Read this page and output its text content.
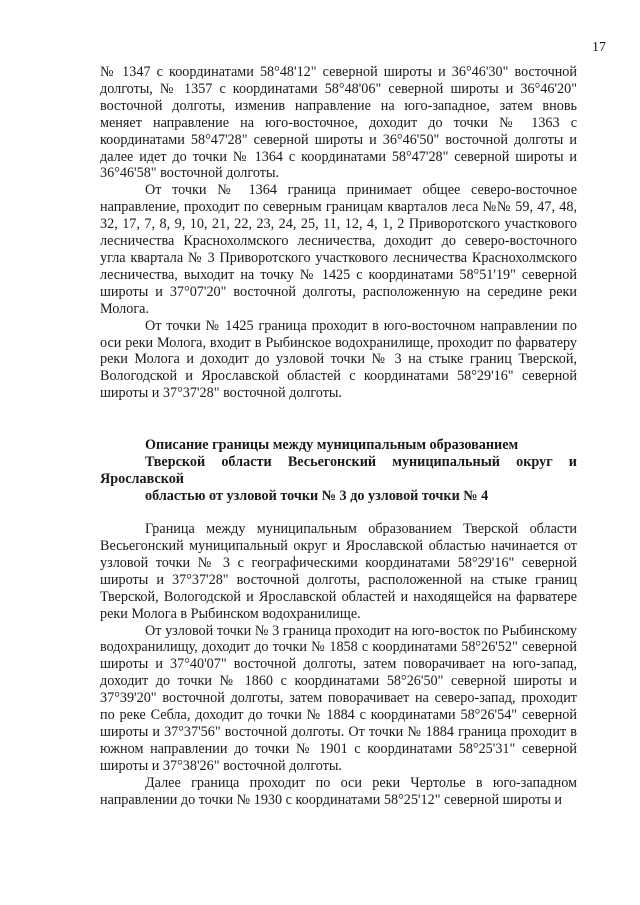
17

№ 1347 с координатами 58°48'12" северной широты и 36°46'30" восточной долготы, № 1357 с координатами 58°48'06" северной широты и 36°46'20" восточной долготы, изменив направление на юго-западное, затем вновь меняет направление на юго-восточное, доходит до точки № 1363 с координатами 58°47'28" северной широты и 36°46'50" восточной долготы и далее идет до точки № 1364 с координатами 58°47'28" северной широты и 36°46'58" восточной долготы.

От точки № 1364 граница принимает общее северо-восточное направление, проходит по северным границам кварталов леса №№ 59, 47, 48, 32, 17, 7, 8, 9, 10, 21, 22, 23, 24, 25, 11, 12, 4, 1, 2 Приворотского участкового лесничества Краснохолмского лесничества, доходит до северо-восточного угла квартала № 3 Приворотского участкового лесничества Краснохолмского лесничества, выходит на точку № 1425 с координатами 58°51'19" северной широты и 37°07'20" восточной долготы, расположенную на середине реки Молога.

От точки № 1425 граница проходит в юго-восточном направлении по оси реки Молога, входит в Рыбинское водохранилище, проходит по фарватеру реки Молога и доходит до узловой точки № 3 на стыке границ Тверской, Вологодской и Ярославской областей с координатами 58°29'16" северной широты и 37°37'28" восточной долготы.

Описание границы между муниципальным образованием

Тверской области Весьегонский муниципальный округ и Ярославской

областью от узловой точки № 3 до узловой точки № 4

Граница между муниципальным образованием Тверской области Весьегонский муниципальный округ и Ярославской областью начинается от узловой точки № 3 с географическими координатами 58°29'16" северной широты и 37°37'28" восточной долготы, расположенной на стыке границ Тверской, Вологодской и Ярославской областей и находящейся на фарватере реки Молога в Рыбинском водохранилище.

От узловой точки № 3 граница проходит на юго-восток по Рыбинскому водохранилищу, доходит до точки № 1858 с координатами 58°26'52" северной широты и 37°40'07" восточной долготы, затем поворачивает на юго-запад, доходит до точки № 1860 с координатами 58°26'50" северной широты и 37°39'20" восточной долготы, затем поворачивает на северо-запад, проходит по реке Себла, доходит до точки № 1884 с координатами 58°26'54" северной широты и 37°37'56" восточной долготы. От точки № 1884 граница проходит в южном направлении до точки № 1901 с координатами 58°25'31" северной широты и 37°38'26" восточной долготы.

Далее граница проходит по оси реки Чертолье в юго-западном направлении до точки № 1930 с координатами 58°25'12" северной широты и
